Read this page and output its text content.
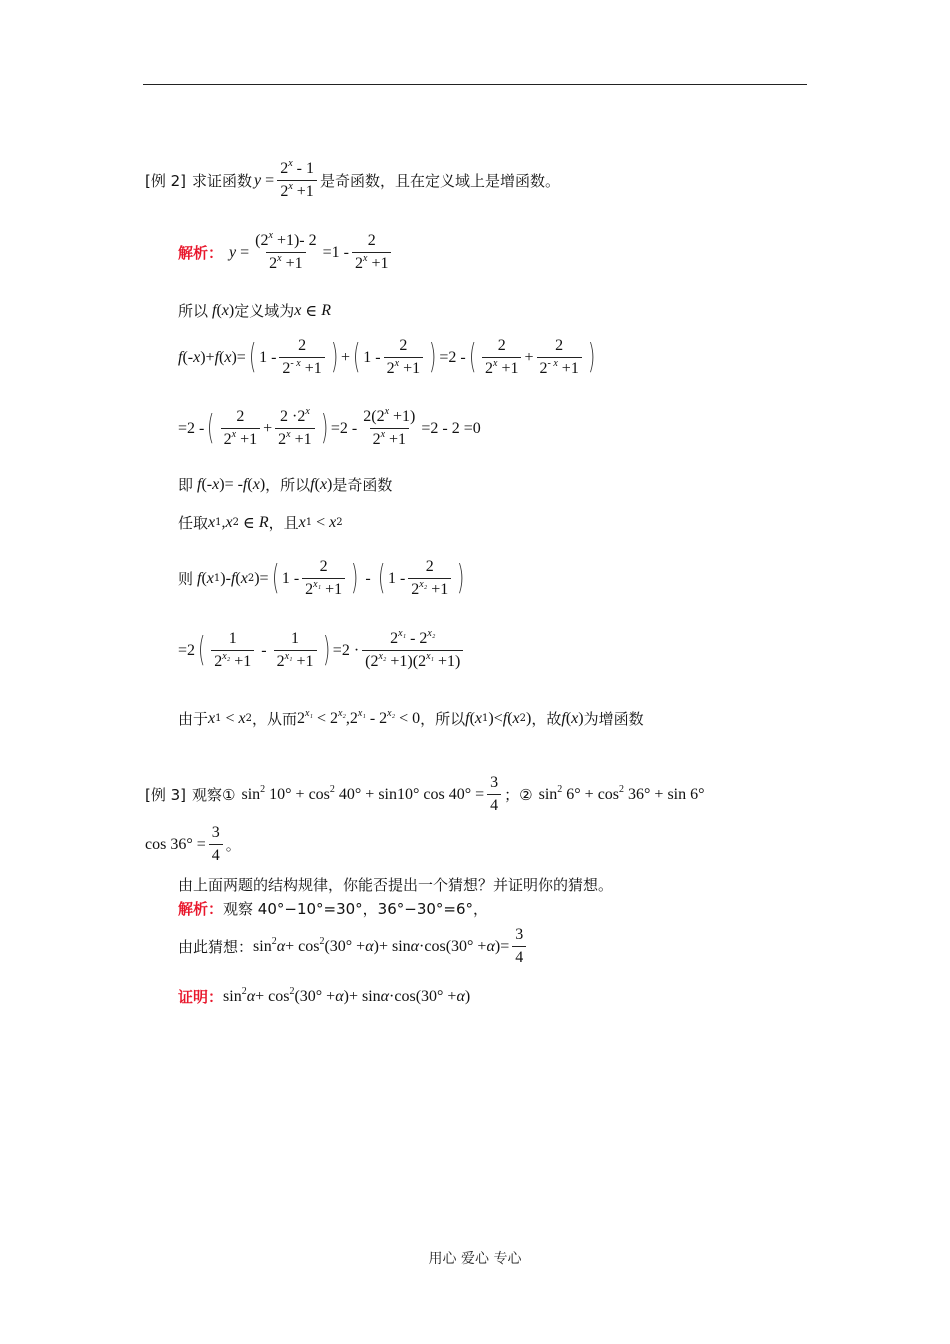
[例 2] 求证函数 $y = \frac{2^x - 1}{2^x +1}$ 是奇函数，且在定义域上是增函数。
解析： $y = \frac{(2^x +1)- 2}{2^x +1} =1 - \frac{2}{2^x +1}$
所以 f ( x ) 定义域为 x ∈ R
f (- x )+ f ( x )= ( $1 - \frac{2}{2^{- x} +1}$ ) + ( $1 - \frac{2}{2^x +1}$ ) =2 - ( $\frac{2}{2^x +1} + \frac{2}{2^{- x} +1}$ )
=2 - ( $\frac{2}{2^x +1} + \frac{2 \cdot 2^x}{2^x +1}$ ) $=2 - \frac{2(2^x +1)}{2^x +1} =2 - 2 =0$
即 f (- x )= - f ( x ) ，所以 f ( x ) 是奇函数
任取 x 1 , x 2 ∈ R ，且 x 1 < x 2
则 f ( x 1 )- f ( x 2 )= ( $1 - \frac{2}{2^{x_1} +1}$ ) - ( $1 - \frac{2}{2^{x_2} +1}$ )
=2 ( $\frac{1}{2^{x_2} +1} - \frac{1}{2^{x_1} +1}$ ) $=2 \cdot \frac{2^{x_1} - 2^{x_2}}{(2^{x_2} +1)(2^{x_1} +1)}$
由于 x 1 < x 2 ，从而 $2^{x_1} < 2^{x_2},2^{x_1} - 2^{x_2} < 0$ ，所以 f ( x 1 )< f ( x 2 ) ，故 f ( x ) 为增函数
[例 3] 观察① $\sin^2 10^\circ + \cos^2 40^\circ + \sin 10^\circ$ $\cos 40^\circ = \frac{3}{4}$ ；② $\sin^2 6^\circ + \cos^2 36^\circ + \sin 6^\circ$
$\cos 36^\circ = \frac{3}{4}$ 。
由上面两题的结构规律，你能否提出一个猜想？并证明你的猜想。
解析： 观察 40°−10°=30°，36°−30°=6°，
由此猜想： $\sin^2 \alpha + \cos^2(30^\circ + \alpha$ )+ sin α ·cos(30° + α )= $\frac{3}{4}$
证明： $\sin^2 \alpha + \cos^2(30^\circ + \alpha$ )+ sin α ·cos(30° + α )
用心 爱心 专心
